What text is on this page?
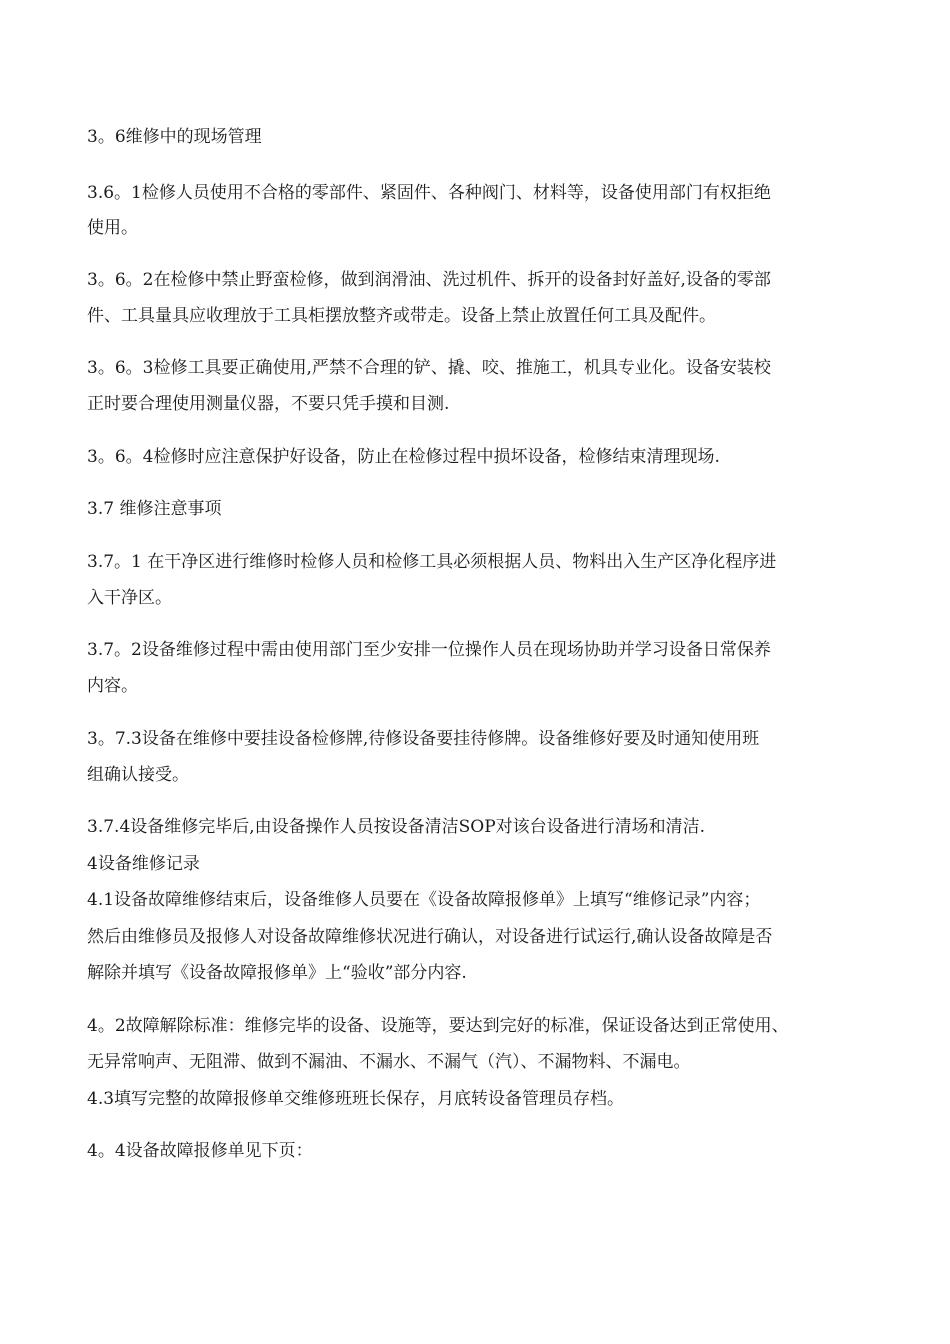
3。6维修中的现场管理
3.6。1检修人员使用不合格的零部件、紧固件、各种阀门、材料等，设备使用部门有权拒绝
使用。
3。6。2在检修中禁止野蛮检修，做到润滑油、洗过机件、拆开的设备封好盖好,设备的零部
件、工具量具应收理放于工具柜摆放整齐或带走。设备上禁止放置任何工具及配件。
3。6。3检修工具要正确使用,严禁不合理的铲、撬、咬、推施工，机具专业化。设备安装校
正时要合理使用测量仪器，不要只凭手摸和目测.
3。6。4检修时应注意保护好设备，防止在检修过程中损坏设备，检修结束清理现场.
3.7 维修注意事项
3.7。1 在干净区进行维修时检修人员和检修工具必须根据人员、物料出入生产区净化程序进
入干净区。
3.7。2设备维修过程中需由使用部门至少安排一位操作人员在现场协助并学习设备日常保养
内容。
3。7.3设备在维修中要挂设备检修牌,待修设备要挂待修牌。设备维修好要及时通知使用班
组确认接受。
3.7.4设备维修完毕后,由设备操作人员按设备清洁SOP对该台设备进行清场和清洁.
4设备维修记录
4.1设备故障维修结束后，设备维修人员要在《设备故障报修单》上填写“维修记录”内容；
然后由维修员及报修人对设备故障维修状况进行确认，对设备进行试运行,确认设备故障是否
解除并填写《设备故障报修单》上“验收”部分内容.
4。2故障解除标准：维修完毕的设备、设施等，要达到完好的标准，保证设备达到正常使用、
无异常响声、无阻滞、做到不漏油、不漏水、不漏气（汽）、不漏物料、不漏电。
4.3填写完整的故障报修单交维修班班长保存，月底转设备管理员存档。
4。4设备故障报修单见下页：
